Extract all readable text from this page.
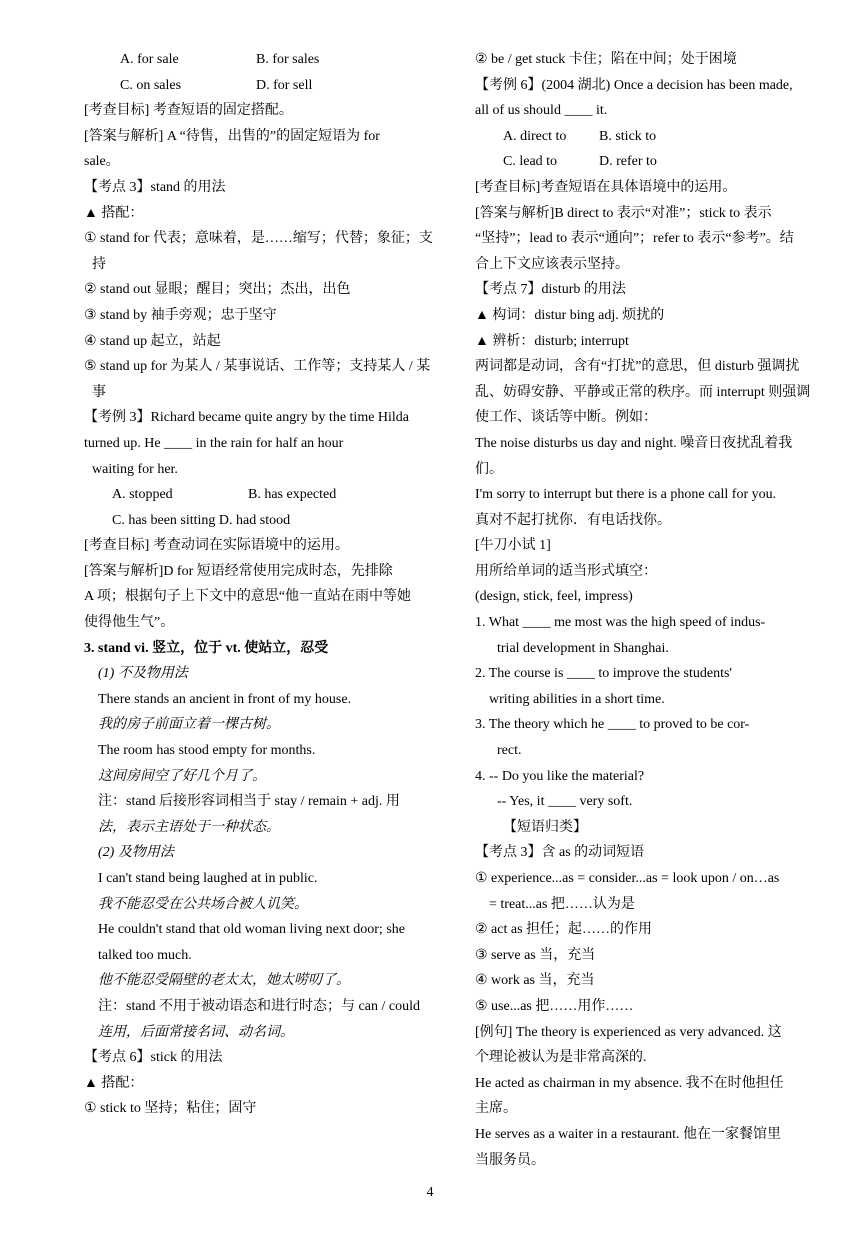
A. for sale	B. for sales
C. on sales	D. for sell
[考查目标] 考查短语的固定搭配。
[答案与解析] A “待售，出售的”的固定短语为 for
sale。
【考点 3】stand 的用法
▲ 搭配：
① stand for 代表；意味着，是……缩写；代替；象征；支
持
② stand out 显眼；醒目；突出；杰出，出色
③ stand by 袖手旁观；忠于坚守
④ stand up 起立，站起
⑤ stand up for 为某人 / 某事说话、工作等；支持某人 / 某
事
【考例 3】Richard became quite angry by the time Hilda
turned up. He ____ in the rain for half an hour
waiting for her.
A. stopped	B. has expected
C. has been sitting D. had stood
[考查目标] 考查动词在实际语境中的运用。
[答案与解析]D for 短语经常使用完成时态，先排除
A 项；根据句子上下文中的意思“他一直站在雨中等她
使得他生气”。
3. stand vi. 竖立，位于 vt. 使站立，忍受
(1) 不及物用法
There stands an ancient in front of my house.
我的房子前面立着一棵古树。
The room has stood empty for months.
这间房间空了好几个月了。
注：stand 后接形容词相当于 stay / remain + adj. 用
法，表示主语处于一种状态。
(2) 及物用法
I can't stand being laughed at in public.
我不能忍受在公共场合被人讥笑。
He couldn't stand that old woman living next door; she
talked too much.
他不能忍受隔壁的老太太，她太唠叨了。
注：stand 不用于被动语态和进行时态；与 can / could
连用，后面常接名词、动名词。
【考点 6】stick 的用法
▲ 搭配：
① stick to 坚持；粘住；固守
② be / get stuck 卡住；陷在中间；处于困境
【考例 6】(2004 湖北) Once a decision has been made,
all of us should ____ it.
A. direct to B. stick to
C. lead to	D. refer to
[考查目标]考查短语在具体语境中的运用。
[答案与解析]B direct to 表示“对准”；stick to 表示
“坚持”；lead to 表示“通向”；refer to 表示“参考”。结
合上下文应该表示坚持。
【考点 7】disturb 的用法
▲ 构词：distur bing adj. 烦扰的
▲ 辨析：disturb; interrupt
两词都是动词，含有“打扰”的意思，但 disturb 强调扰
乱、妨碍安静、平静或正常的秩序。而 interrupt 则强调
使工作、谈话等中断。例如：
The noise disturbs us day and night. 噪音日夜扰乱着我
们。
I'm sorry to interrupt but there is a phone call for you.
真对不起打扰你．有电话找你。
[牛刀小试 1]
用所给单词的适当形式填空：
(design, stick, feel, impress)
1. What ____ me most was the high speed of indus-
trial development in Shanghai.
2. The course is ____ to improve the students'
writing abilities in a short time.
3. The theory which he ____ to proved to be cor-
rect.
4. -- Do you like the material?
-- Yes, it ____ very soft.
【短语归类】
【考点 3】含 as 的动词短语
① experience...as = consider...as = look upon / on…as
= treat...as 把……认为是
② act as 担任；起……的作用
③ serve as 当，充当
④ work as 当，充当
⑤ use...as 把……用作……
[例句] The theory is experienced as very advanced. 这
个理论被认为是非常高深的.
He acted as chairman in my absence. 我不在时他担任
主席。
He serves as a waiter in a restaurant. 他在一家餐馆里
当服务员。
4
